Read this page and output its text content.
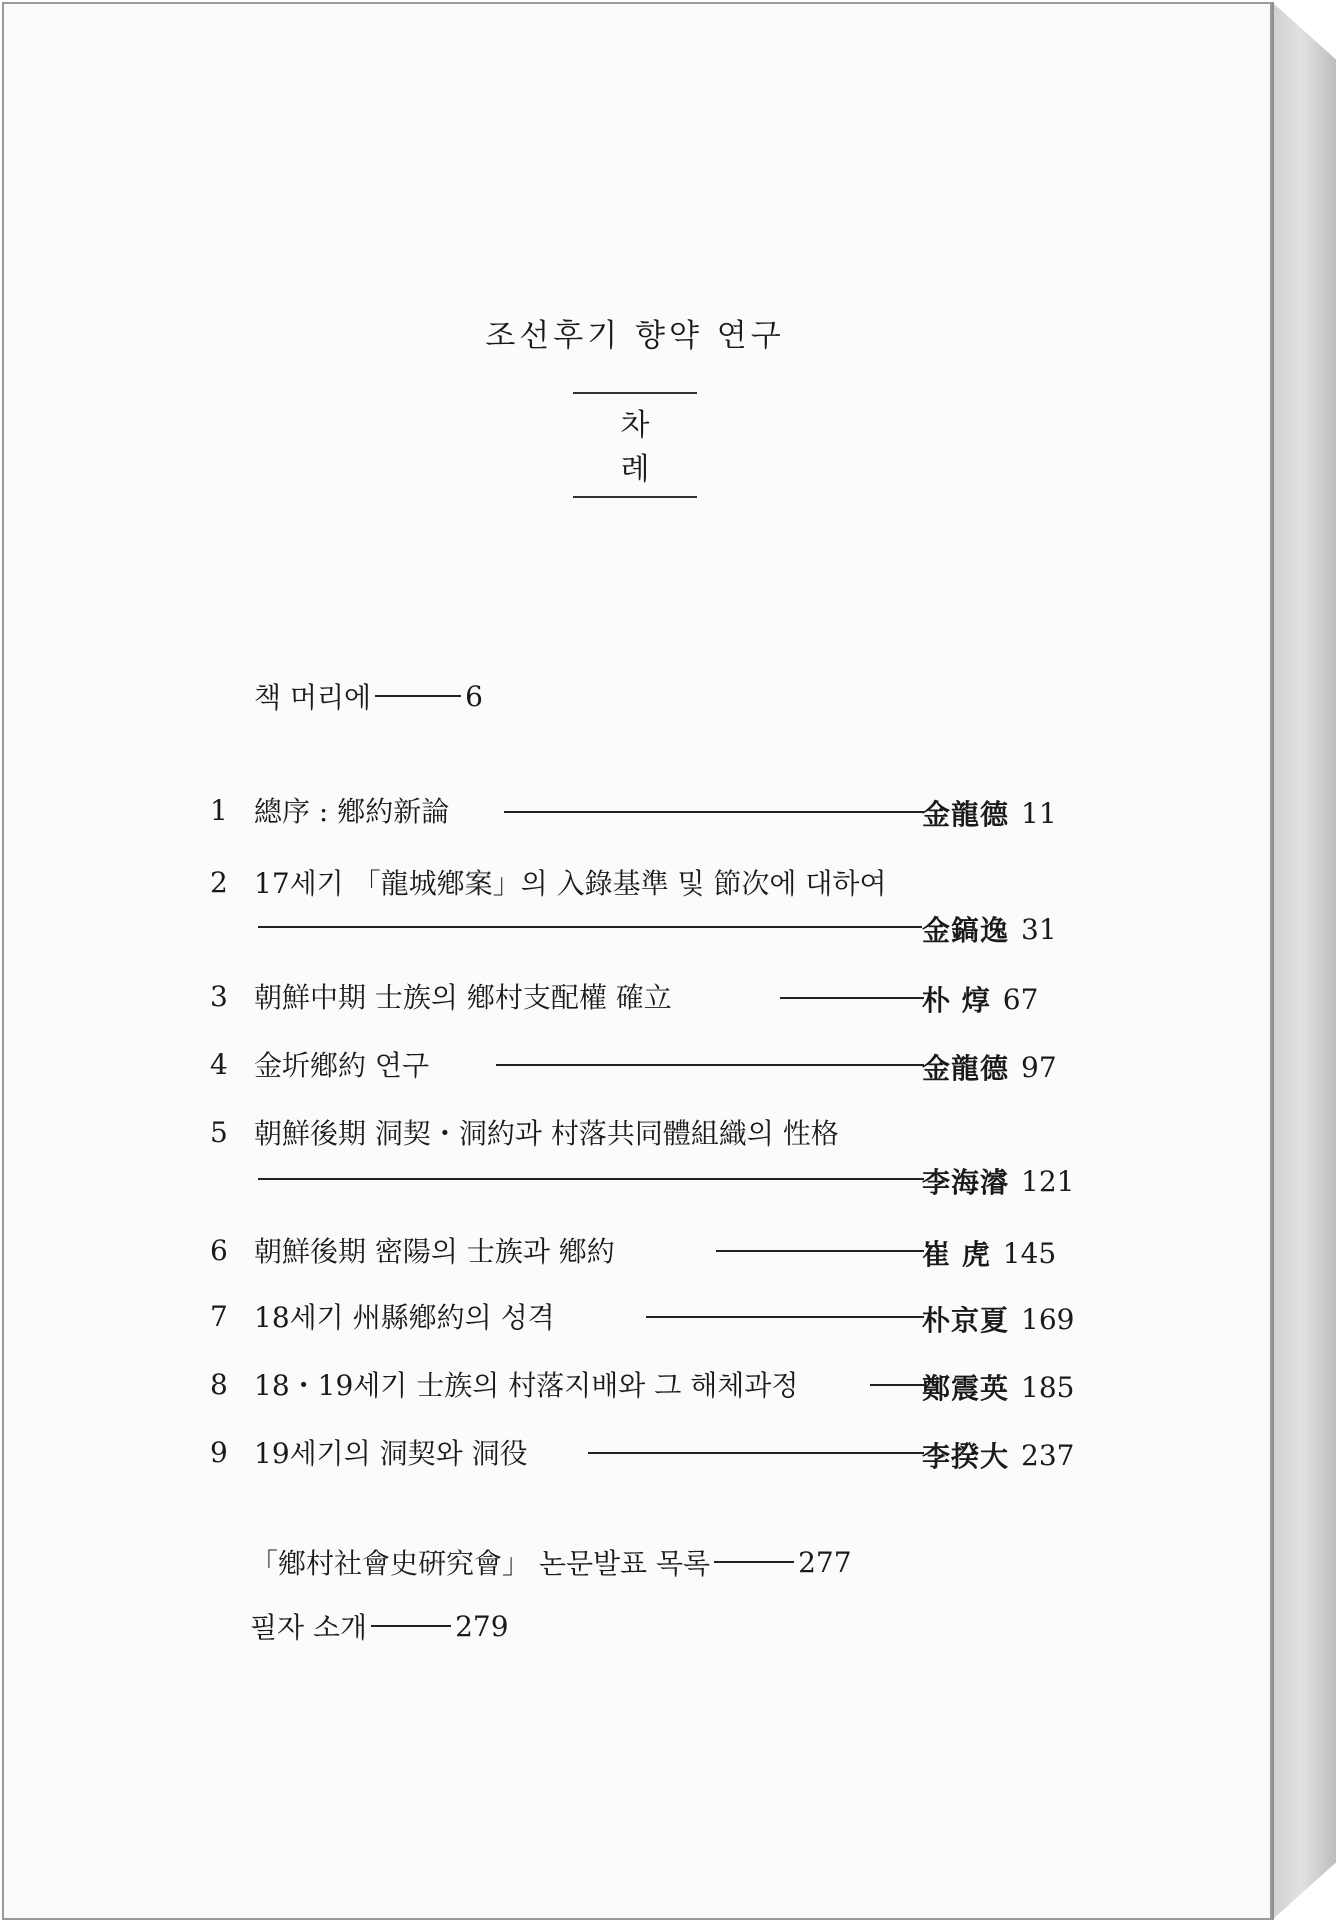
조선후기 향약 연구
차 례
책 머리에	6
1 總序 : 鄕約新論	金龍德 11
2 17세기 「龍城鄕案」의 入錄基準 및 節次에 대하여
金鎬逸 31
3 朝鮮中期 士族의 鄕村支配權 確立	朴 焞 67
4 金圻鄕約 연구	金龍德 97
5 朝鮮後期 洞契・洞約과 村落共同體組織의 性格
李海濬 121
6 朝鮮後期 密陽의 士族과 鄕約	崔 虎 145
7 18세기 州縣鄕約의 성격	朴京夏 169
8 18・19세기 士族의 村落지배와 그 해체과정	鄭震英 185
9 19세기의 洞契와 洞役	李揆大 237
「鄕村社會史硏究會」 논문발표 목록	277
필자 소개	279
